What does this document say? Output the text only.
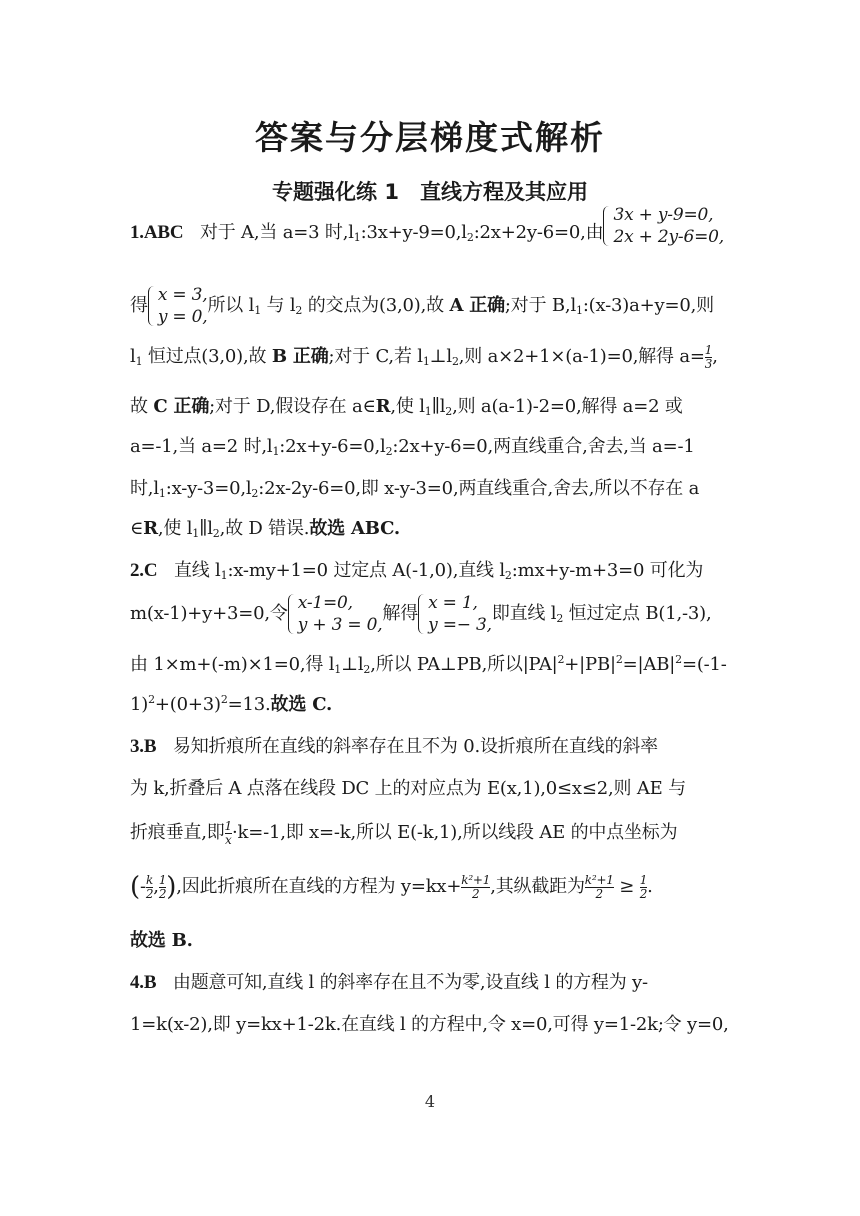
答案与分层梯度式解析
专题强化练 1　直线方程及其应用
1.ABC   对于 A,当 a=3 时$,l_1:3x+y-9=0,l_2:2x+2y-6=0$,由3x + y-9=0,
2x + 2y-6=0,
得 x = 3,
y = 0,所以 $l_1$ 与 $l_2$ 的交点为(3,0),故 A 正确;对于 $B,l_1:(x-3)a+y=0$,则
$l_1$ 恒过点(3,0),故 B 正确;对于 C,若 $l_1\perp l_2$,则 a×2+1×(a-1)=0,解得 $a= \frac{1}{3}$ ,
故 C 正确;对于 D,假设存在 a∈R,使 $l_1\parallel l_2$,则 a(a-1)-2=0,解得 a=2 或
a=-1,当 a=2 时$,l_1:2x+y-6=0,l_2:2x+y-6=0$,两直线重合,舍去,当 a=-1
时$,l_1:x-y-3=0,l_2:2x-2y-6=0$,即 x-y-3=0,两直线重合,舍去,所以不存在 a
∈R,使 $l_1\parallel l_2$,故 D 错误.故选 ABC.
2.C   直线 $l_1:x-my+1=0$ 过定点 A(-1,0),直线 $l_2:mx+y-m+3=0$ 可化为
m(x-1)+y+3=0,令 x-1=0,
y + 3 = 0,解得 x = 1,
y =− 3,即直线 $l_2$ 恒过定点 B(1,-3),
由 1×m+(-m)×1=0,得 $l_1\perp l_2$,所以 PA⊥PB,所以$|PA|^2+|PB|^2=|AB|^2=(-1-$
$1)^2+(0+3)^2=13$.故选 C.
3.B   易知折痕所在直线的斜率存在且不为 0.设折痕所在直线的斜率
为 k,折叠后 A 点落在线段 DC 上的对应点为 E(x,1),0≤x≤2,则 AE 与
折痕垂直,即 $\frac{1}{x} \cdot k=-1$,即 x=-k,所以 E(-k,1),所以线段 AE 的中点坐标为
(- $\frac{k}{2}$ , $\frac{1}{2}$ ),因此折痕所在直线的方程为 $y=kx+ \frac{\text{k²+1}}{2}$ ,其纵截距为 $\frac{\text{k²+1}}{2} \ge \frac{1}{2}$ .
故选 B.
4.B   由题意可知,直线 l 的斜率存在且不为零,设直线 l 的方程为 y-
1=k(x-2),即 y=kx+1-2k.在直线 l 的方程中,令 x=0,可得 y=1-2k;令 y=0,
4
